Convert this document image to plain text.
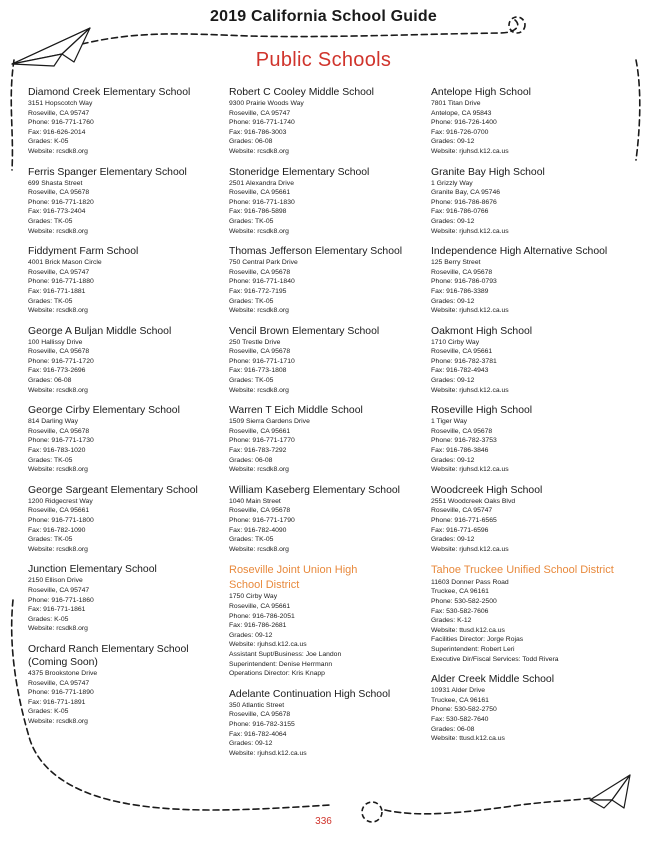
2019 California School Guide
Public Schools
Diamond Creek Elementary School
3151 Hopscotch Way
Roseville, CA 95747
Phone: 916-771-1760
Fax: 916-626-2014
Grades: K-05
Website: rcsdk8.org
Ferris Spanger Elementary School
699 Shasta Street
Roseville, CA 95678
Phone: 916-771-1820
Fax: 916-773-2404
Grades: TK-05
Website: rcsdk8.org
Fiddyment Farm School
4001 Brick Mason Circle
Roseville, CA 95747
Phone: 916-771-1880
Fax: 916-771-1881
Grades: TK-05
Website: rcsdk8.org
George A Buljan Middle School
100 Hallissy Drive
Roseville, CA 95678
Phone: 916-771-1720
Fax: 916-773-2696
Grades: 06-08
Website: rcsdk8.org
George Cirby Elementary School
814 Darling Way
Roseville, CA 95678
Phone: 916-771-1730
Fax: 916-783-1020
Grades: TK-05
Website: rcsdk8.org
George Sargeant Elementary School
1200 Ridgecrest Way
Roseville, CA 95661
Phone: 916-771-1800
Fax: 916-782-1090
Grades: TK-05
Website: rcsdk8.org
Junction Elementary School
2150 Ellison Drive
Roseville, CA 95747
Phone: 916-771-1860
Fax: 916-771-1861
Grades: K-05
Website: rcsdk8.org
Orchard Ranch Elementary School
(Coming Soon)
4375 Brookstone Drive
Roseville, CA 95747
Phone: 916-771-1890
Fax: 916-771-1891
Grades: K-05
Website: rcsdk8.org
Robert C Cooley Middle School
9300 Prairie Woods Way
Roseville, CA 95747
Phone: 916-771-1740
Fax: 916-786-3003
Grades: 06-08
Website: rcsdk8.org
Stoneridge Elementary School
2501 Alexandra Drive
Roseville, CA 95661
Phone: 916-771-1830
Fax: 916-786-5898
Grades: TK-05
Website: rcsdk8.org
Thomas Jefferson Elementary School
750 Central Park Drive
Roseville, CA 95678
Phone: 916-771-1840
Fax: 916-772-7195
Grades: TK-05
Website: rcsdk8.org
Vencil Brown Elementary School
250 Trestle Drive
Roseville, CA 95678
Phone: 916-771-1710
Fax: 916-773-1808
Grades: TK-05
Website: rcsdk8.org
Warren T Eich Middle School
1509 Sierra Gardens Drive
Roseville, CA 95661
Phone: 916-771-1770
Fax: 916-783-7292
Grades: 06-08
Website: rcsdk8.org
William Kaseberg Elementary School
1040 Main Street
Roseville, CA 95678
Phone: 916-771-1790
Fax: 916-782-4090
Grades: TK-05
Website: rcsdk8.org
Roseville Joint Union High
School District
1750 Cirby Way
Roseville, CA 95661
Phone: 916-786-2051
Fax: 916-786-2681
Grades: 09-12
Website: rjuhsd.k12.ca.us
Assistant Supt/Business: Joe Landon
Superintendent: Denise Herrmann
Operations Director: Kris Knapp
Adelante Continuation High School
350 Atlantic Street
Roseville, CA 95678
Phone: 916-782-3155
Fax: 916-782-4064
Grades: 09-12
Website: rjuhsd.k12.ca.us
Antelope High School
7801 Titan Drive
Antelope, CA 95843
Phone: 916-726-1400
Fax: 916-726-0700
Grades: 09-12
Website: rjuhsd.k12.ca.us
Granite Bay High School
1 Grizzly Way
Granite Bay, CA 95746
Phone: 916-786-8676
Fax: 916-786-0766
Grades: 09-12
Website: rjuhsd.k12.ca.us
Independence High Alternative School
125 Berry Street
Roseville, CA 95678
Phone: 916-786-0793
Fax: 916-786-3389
Grades: 09-12
Website: rjuhsd.k12.ca.us
Oakmont High School
1710 Cirby Way
Roseville, CA 95661
Phone: 916-782-3781
Fax: 916-782-4943
Grades: 09-12
Website: rjuhsd.k12.ca.us
Roseville High School
1 Tiger Way
Roseville, CA 95678
Phone: 916-782-3753
Fax: 916-786-3846
Grades: 09-12
Website: rjuhsd.k12.ca.us
Woodcreek High School
2551 Woodcreek Oaks Blvd
Roseville, CA 95747
Phone: 916-771-6565
Fax: 916-771-6596
Grades: 09-12
Website: rjuhsd.k12.ca.us
Tahoe Truckee Unified School District
11603 Donner Pass Road
Truckee, CA 96161
Phone: 530-582-2500
Fax: 530-582-7606
Grades: K-12
Website: ttusd.k12.ca.us
Facilities Director: Jorge Rojas
Superintendent: Robert Leri
Executive Dir/Fiscal Services: Todd Rivera
Alder Creek Middle School
10931 Alder Drive
Truckee, CA 96161
Phone: 530-582-2750
Fax: 530-582-7640
Grades: 06-08
Website: ttusd.k12.ca.us
336
